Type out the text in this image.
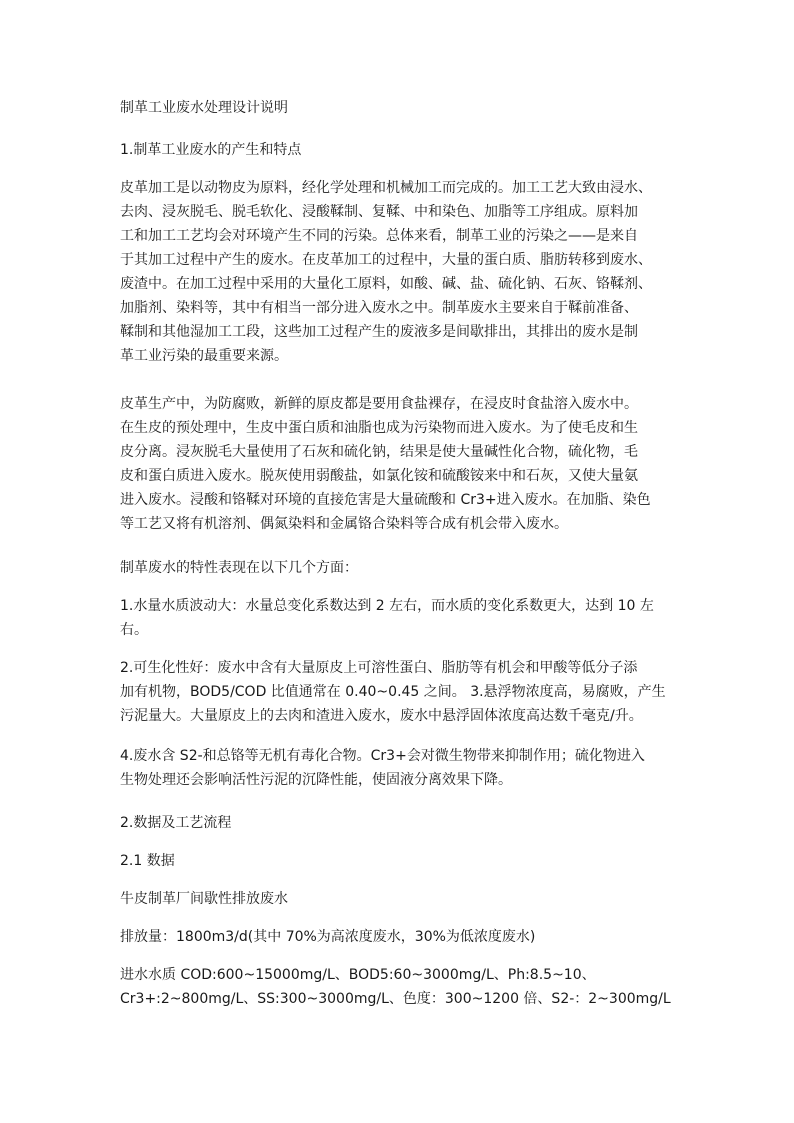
制革工业废水处理设计说明

1.制革工业废水的产生和特点

皮革加工是以动物皮为原料，经化学处理和机械加工而完成的。加工工艺大致由浸水、
去肉、浸灰脱毛、脱毛软化、浸酸鞣制、复鞣、中和染色、加脂等工序组成。原料加
工和加工工艺均会对环境产生不同的污染。总体来看，制革工业的污染之——是来自
于其加工过程中产生的废水。在皮革加工的过程中，大量的蛋白质、脂肪转移到废水、
废渣中。在加工过程中采用的大量化工原料，如酸、碱、盐、硫化钠、石灰、铬鞣剂、
加脂剂、染料等，其中有相当一部分进入废水之中。制革废水主要来自于鞣前准备、
鞣制和其他湿加工工段，这些加工过程产生的废液多是间歇排出，其排出的废水是制
革工业污染的最重要来源。

皮革生产中，为防腐败，新鲜的原皮都是要用食盐裸存，在浸皮时食盐溶入废水中。
在生皮的预处理中，生皮中蛋白质和油脂也成为污染物而进入废水。为了使毛皮和生
皮分离。浸灰脱毛大量使用了石灰和硫化钠，结果是使大量碱性化合物，硫化物，毛
皮和蛋白质进入废水。脱灰使用弱酸盐，如氯化铵和硫酸铵来中和石灰，又使大量氨
进入废水。浸酸和铬鞣对环境的直接危害是大量硫酸和 Cr3+进入废水。在加脂、染色
等工艺又将有机溶剂、偶氮染料和金属铬合染料等合成有机会带入废水。

制革废水的特性表现在以下几个方面：

1.水量水质波动大：水量总变化系数达到 2 左右，而水质的变化系数更大，达到 10 左
右。

2.可生化性好：废水中含有大量原皮上可溶性蛋白、脂肪等有机会和甲酸等低分子添
加有机物，BOD5/COD 比值通常在 0.40~0.45 之间。 3.悬浮物浓度高，易腐败，产生
污泥量大。大量原皮上的去肉和渣进入废水，废水中悬浮固体浓度高达数千毫克/升。

4.废水含 S2-和总铬等无机有毒化合物。Cr3+会对微生物带来抑制作用；硫化物进入
生物处理还会影响活性污泥的沉降性能，使固液分离效果下降。

2.数据及工艺流程

2.1 数据

牛皮制革厂间歇性排放废水

排放量：1800m3/d(其中 70%为高浓度废水，30%为低浓度废水)

进水水质 COD:600~15000mg/L、BOD5:60~3000mg/L、Ph:8.5~10、
Cr3+:2~800mg/L、SS:300~3000mg/L、色度：300~1200 倍、S2-：2~300mg/L
